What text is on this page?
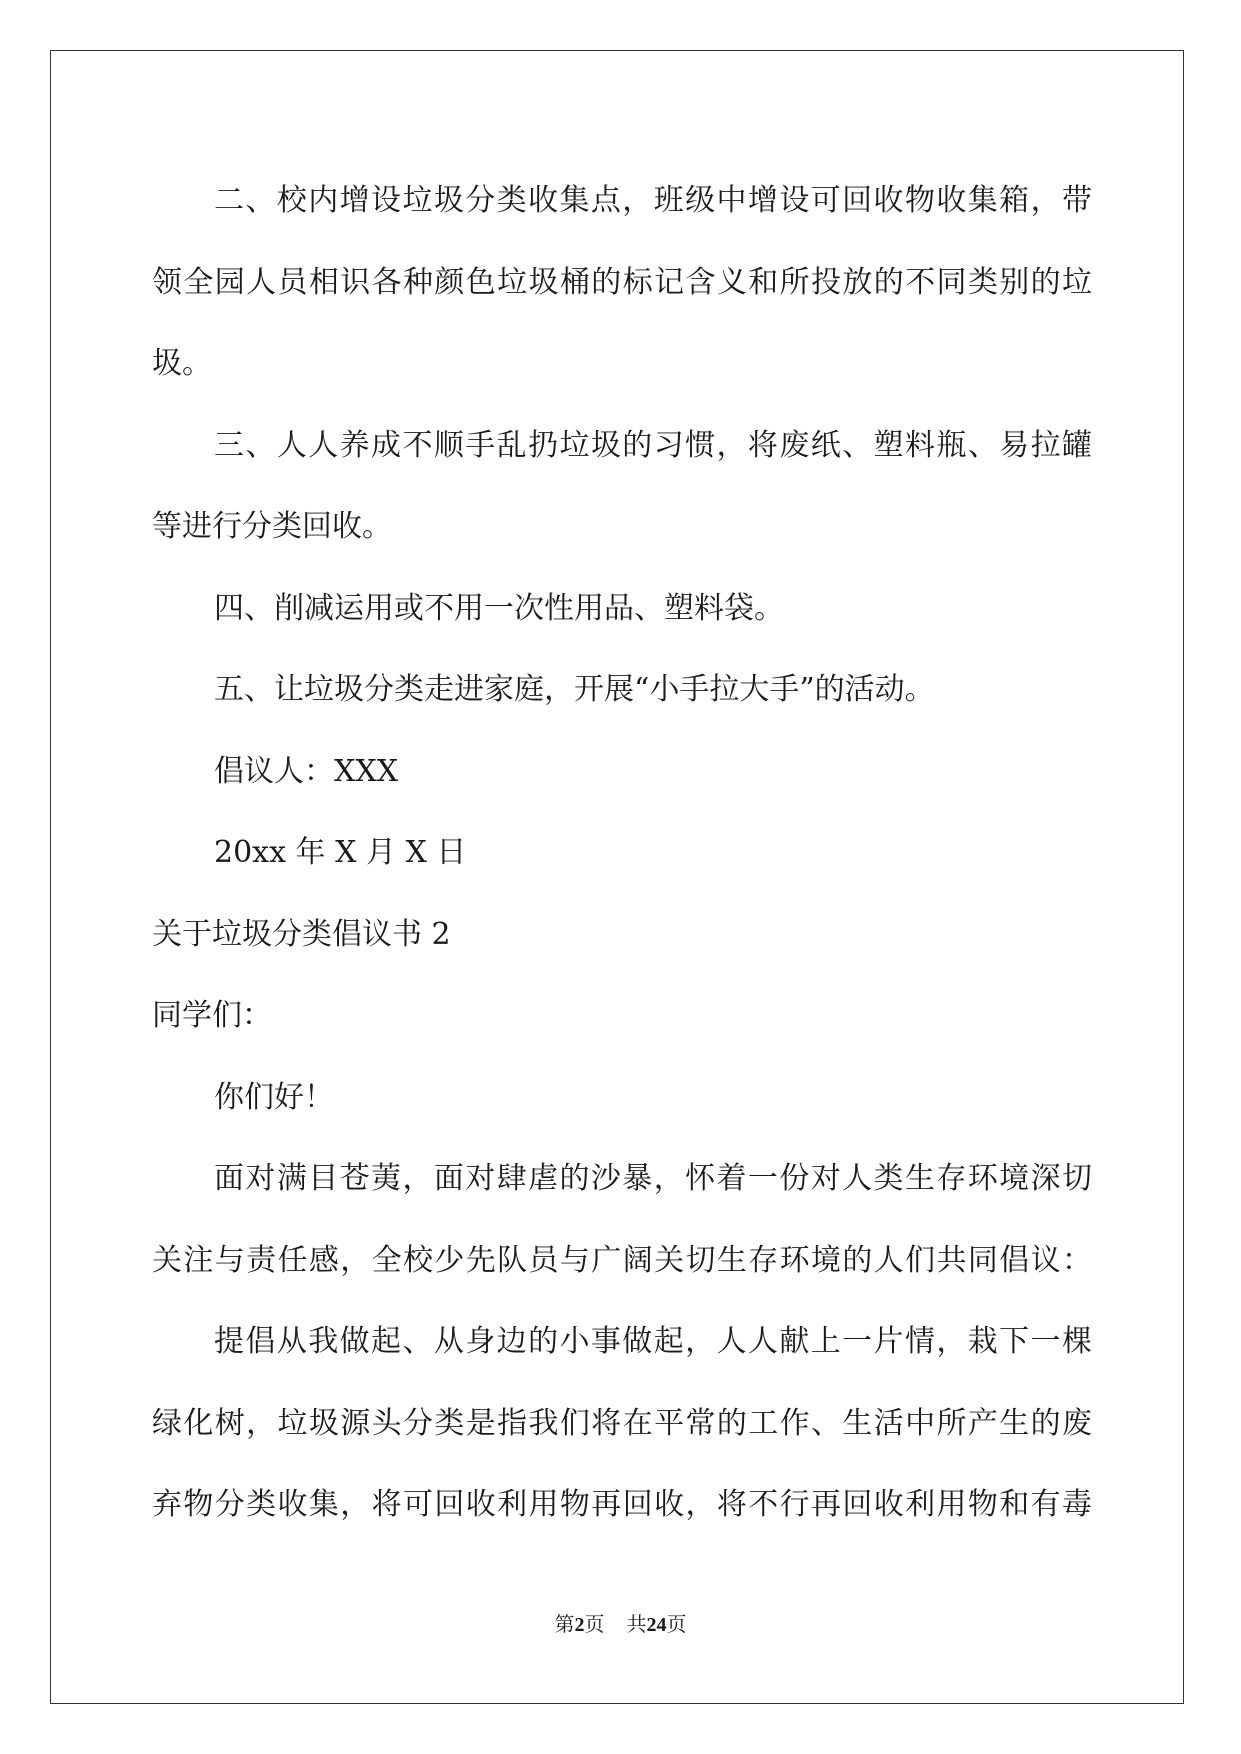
二、校内增设垃圾分类收集点，班级中增设可回收物收集箱，带
领全园人员相识各种颜色垃圾桶的标记含义和所投放的不同类别的垃
圾。
三、人人养成不顺手乱扔垃圾的习惯，将废纸、塑料瓶、易拉罐
等进行分类回收。
四、削减运用或不用一次性用品、塑料袋。
五、让垃圾分类走进家庭，开展“小手拉大手”的活动。
倡议人：XXX
20xx 年 X 月 X 日
关于垃圾分类倡议书 2
同学们：
你们好！
面对满目苍荑，面对肆虐的沙暴，怀着一份对人类生存环境深切
关注与责任感，全校少先队员与广阔关切生存环境的人们共同倡议：
提倡从我做起、从身边的小事做起，人人献上一片情，栽下一棵
绿化树，垃圾源头分类是指我们将在平常的工作、生活中所产生的废
弃物分类收集，将可回收利用物再回收，将不行再回收利用物和有毒
第2页 共24页
